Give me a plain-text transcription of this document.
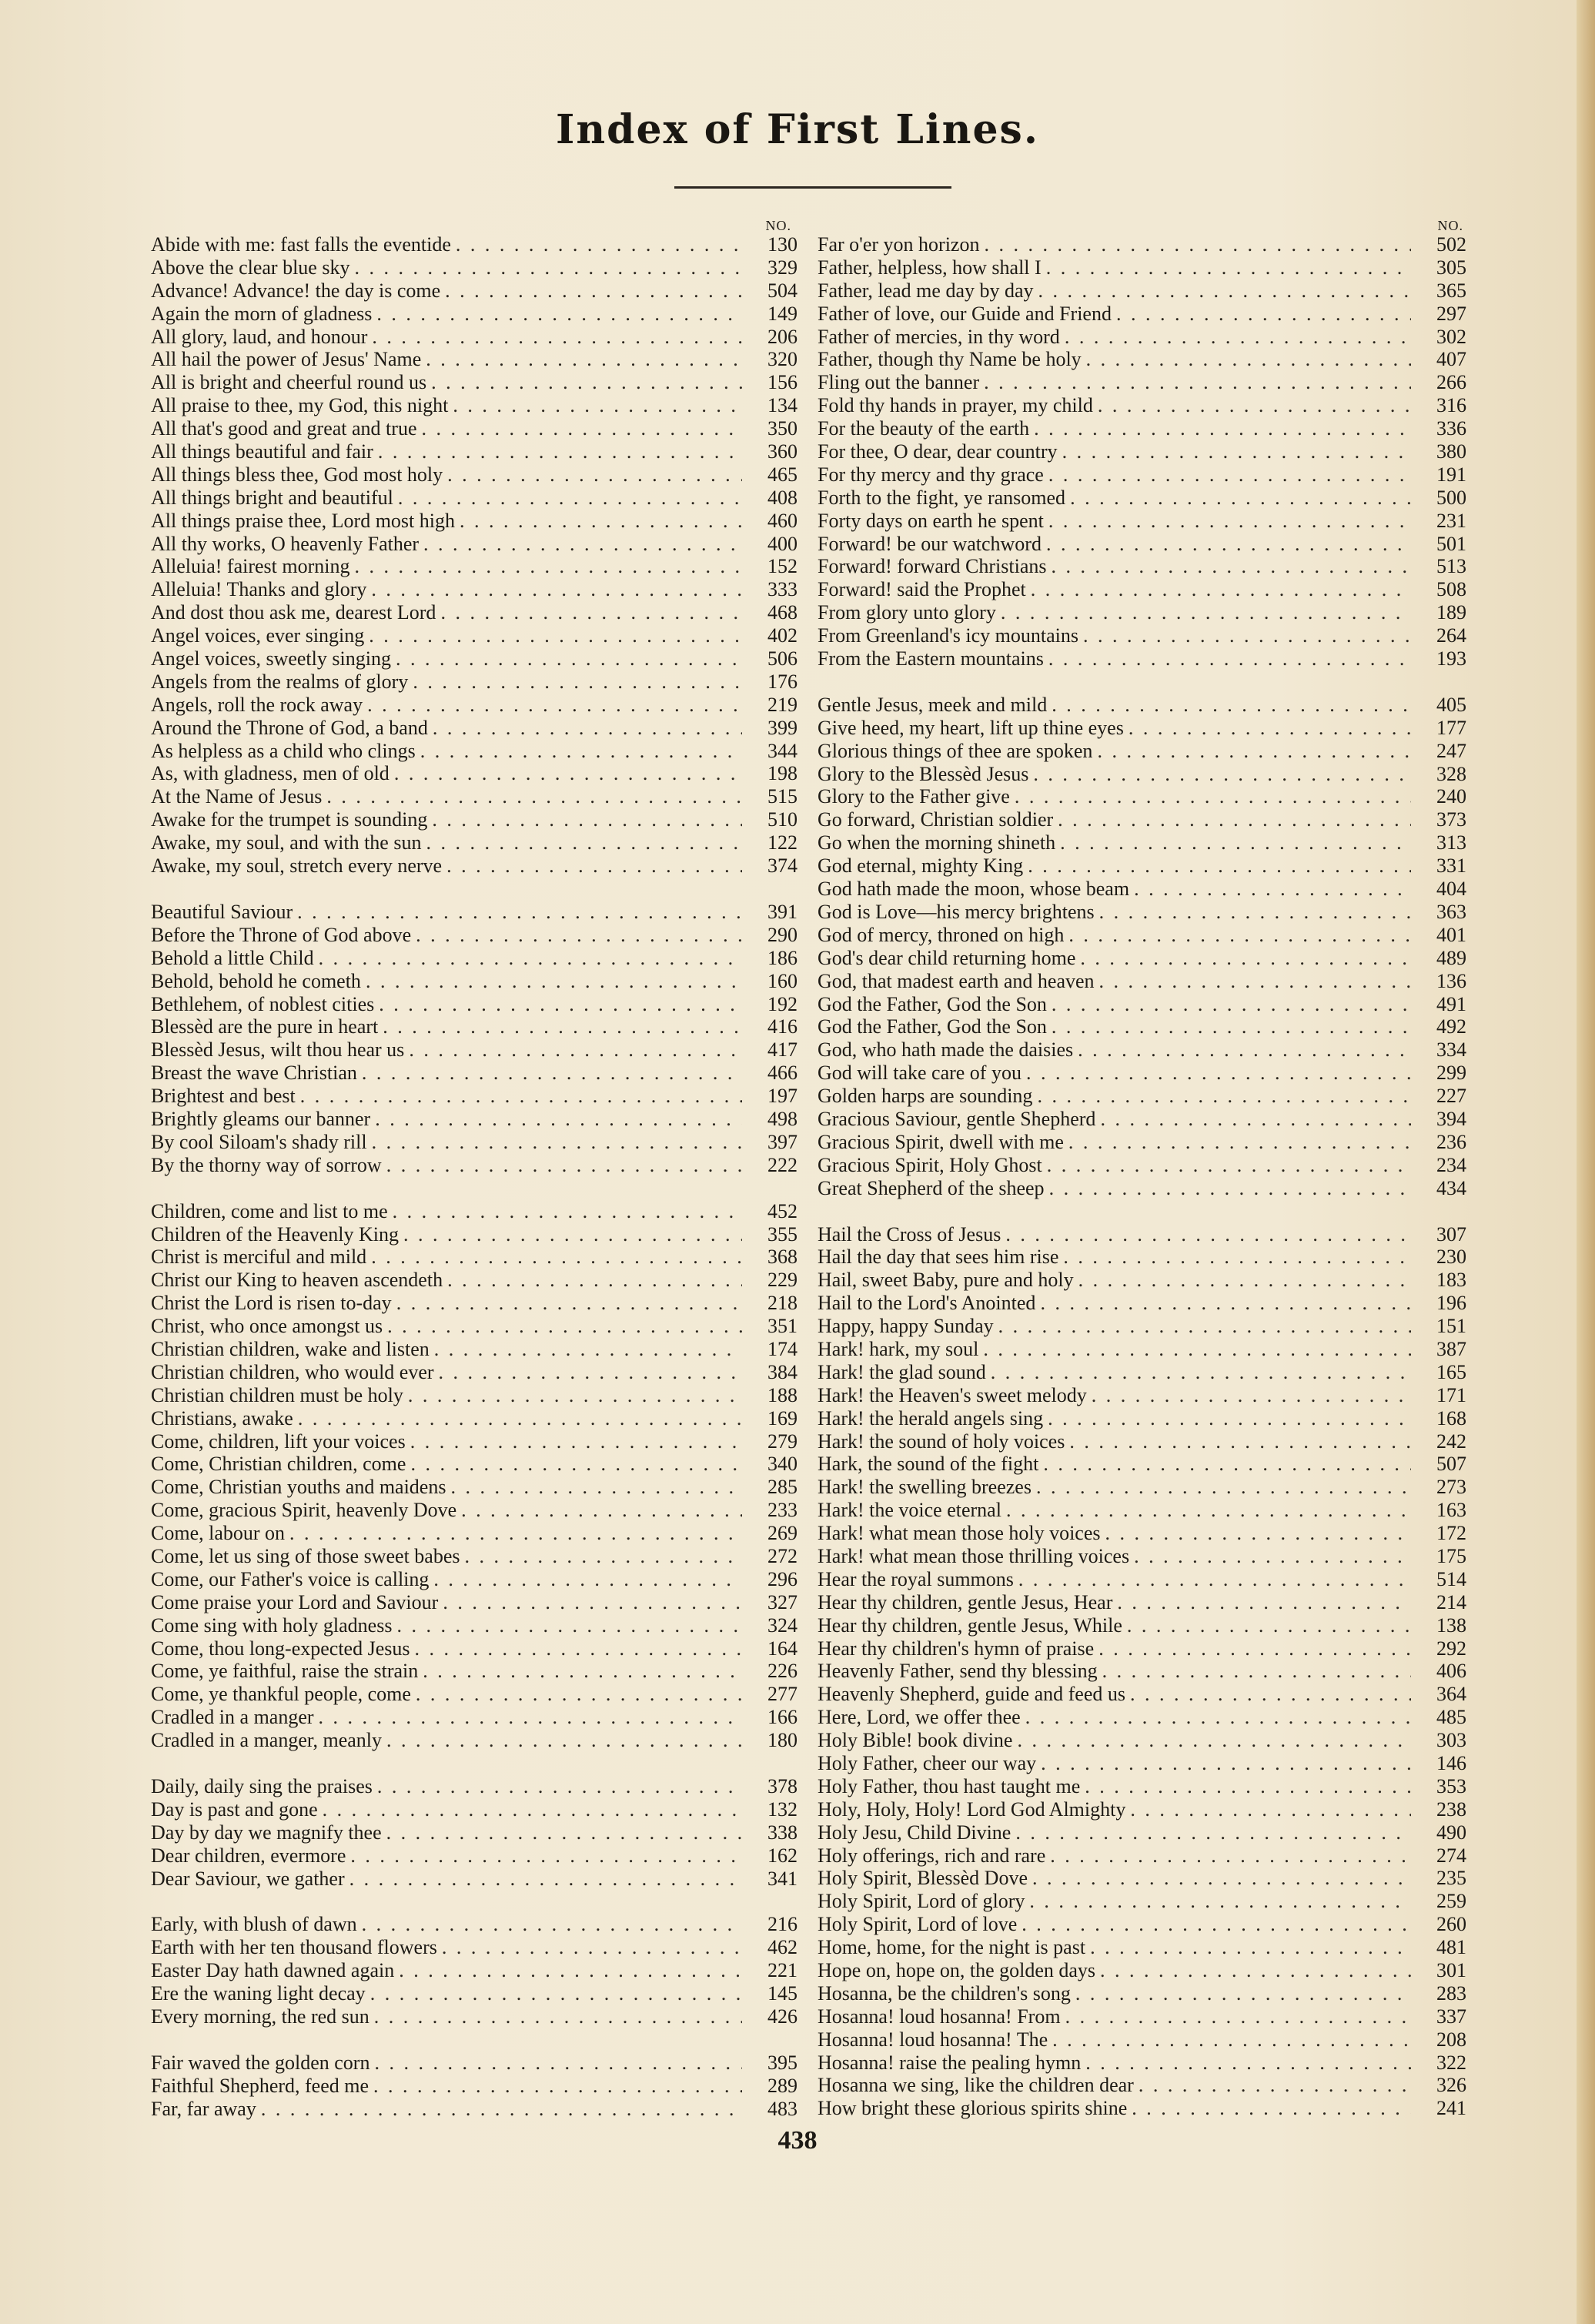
Index of First Lines.
NO.
Abide with me: fast falls the eventide . . .	130
Above the clear blue sky . . .	329
Advance! Advance! the day is come . . .	504
Again the morn of gladness . . .	149
All glory, laud, and honour . . .	206
All hail the power of Jesus' Name . . .	320
All is bright and cheerful round us . . .	156
All praise to thee, my God, this night . . .	134
All that's good and great and true . . .	350
All things beautiful and fair . . .	360
All things bless thee, God most holy . . .	465
All things bright and beautiful . . .	408
All things praise thee, Lord most high . . .	460
All thy works, O heavenly Father . . .	400
Alleluia! fairest morning . . .	152
Alleluia! Thanks and glory . . .	333
And dost thou ask me, dearest Lord . . .	468
Angel voices, ever singing . . .	402
Angel voices, sweetly singing . . .	506
Angels from the realms of glory . . .	176
Angels, roll the rock away . . .	219
Around the Throne of God, a band . . .	399
As helpless as a child who clings . . .	344
As, with gladness, men of old . . .	198
At the Name of Jesus . . .	515
Awake for the trumpet is sounding . . .	510
Awake, my soul, and with the sun . . .	122
Awake, my soul, stretch every nerve . . .	374
Beautiful Saviour . . .	391
Before the Throne of God above . . .	290
Behold a little Child . . .	186
Behold, behold he cometh . . .	160
Bethlehem, of noblest cities . . .	192
Blessèd are the pure in heart . . .	416
Blessèd Jesus, wilt thou hear us . . .	417
Breast the wave Christian . . .	466
Brightest and best . . .	197
Brightly gleams our banner . . .	498
By cool Siloam's shady rill . . .	397
By the thorny way of sorrow . . .	222
Children, come and list to me . . .	452
Children of the Heavenly King . . .	355
Christ is merciful and mild . . .	368
Christ our King to heaven ascendeth . . .	229
Christ the Lord is risen to-day . . .	218
Christ, who once amongst us . . .	351
Christian children, wake and listen . . .	174
Christian children, who would ever . . .	384
Christian children must be holy . . .	188
Christians, awake . . .	169
Come, children, lift your voices . . .	279
Come, Christian children, come . . .	340
Come, Christian youths and maidens . . .	285
Come, gracious Spirit, heavenly Dove . . .	233
Come, labour on . . .	269
Come, let us sing of those sweet babes . . .	272
Come, our Father's voice is calling . . .	296
Come praise your Lord and Saviour . . .	327
Come sing with holy gladness . . .	324
Come, thou long-expected Jesus . . .	164
Come, ye faithful, raise the strain . . .	226
Come, ye thankful people, come . . .	277
Cradled in a manger . . .	166
Cradled in a manger, meanly . . .	180
Daily, daily sing the praises . . .	378
Day is past and gone . . .	132
Day by day we magnify thee . . .	338
Dear children, evermore . . .	162
Dear Saviour, we gather . . .	341
Early, with blush of dawn . . .	216
Earth with her ten thousand flowers . . .	462
Easter Day hath dawned again . . .	221
Ere the waning light decay . . .	145
Every morning, the red sun . . .	426
Fair waved the golden corn . . .	395
Faithful Shepherd, feed me . . .	289
Far, far away . . .	483
NO.
Far o'er yon horizon . . .	502
Father, helpless, how shall I . . .	305
Father, lead me day by day . . .	365
Father of love, our Guide and Friend . . .	297
Father of mercies, in thy word . . .	302
Father, though thy Name be holy . . .	407
Fling out the banner . . .	266
Fold thy hands in prayer, my child . . .	316
For the beauty of the earth . . .	336
For thee, O dear, dear country . . .	380
For thy mercy and thy grace . . .	191
Forth to the fight, ye ransomed . . .	500
Forty days on earth he spent . . .	231
Forward! be our watchword . . .	501
Forward! forward Christians . . .	513
Forward! said the Prophet . . .	508
From glory unto glory . . .	189
From Greenland's icy mountains . . .	264
From the Eastern mountains . . .	193
Gentle Jesus, meek and mild . . .	405
Give heed, my heart, lift up thine eyes . . .	177
Glorious things of thee are spoken . . .	247
Glory to the Blessèd Jesus . . .	328
Glory to the Father give . . .	240
Go forward, Christian soldier . . .	373
Go when the morning shineth . . .	313
God eternal, mighty King . . .	331
God hath made the moon, whose beam . . .	404
God is Love—his mercy brightens . . .	363
God of mercy, throned on high . . .	401
God's dear child returning home . . .	489
God, that madest earth and heaven . . .	136
God the Father, God the Son . . .	491
God the Father, God the Son . . .	492
God, who hath made the daisies . . .	334
God will take care of you . . .	299
Golden harps are sounding . . .	227
Gracious Saviour, gentle Shepherd . . .	394
Gracious Spirit, dwell with me . . .	236
Gracious Spirit, Holy Ghost . . .	234
Great Shepherd of the sheep . . .	434
Hail the Cross of Jesus . . .	307
Hail the day that sees him rise . . .	230
Hail, sweet Baby, pure and holy . . .	183
Hail to the Lord's Anointed . . .	196
Happy, happy Sunday . . .	151
Hark! hark, my soul . . .	387
Hark! the glad sound . . .	165
Hark! the Heaven's sweet melody . . .	171
Hark! the herald angels sing . . .	168
Hark! the sound of holy voices . . .	242
Hark, the sound of the fight . . .	507
Hark! the swelling breezes . . .	273
Hark! the voice eternal . . .	163
Hark! what mean those holy voices . . .	172
Hark! what mean those thrilling voices . . .	175
Hear the royal summons . . .	514
Hear thy children, gentle Jesus, Hear . . .	214
Hear thy children, gentle Jesus, While . . .	138
Hear thy children's hymn of praise . . .	292
Heavenly Father, send thy blessing . . .	406
Heavenly Shepherd, guide and feed us . . .	364
Here, Lord, we offer thee . . .	485
Holy Bible! book divine . . .	303
Holy Father, cheer our way . . .	146
Holy Father, thou hast taught me . . .	353
Holy, Holy, Holy! Lord God Almighty . . .	238
Holy Jesu, Child Divine . . .	490
Holy offerings, rich and rare . . .	274
Holy Spirit, Blessèd Dove . . .	235
Holy Spirit, Lord of glory . . .	259
Holy Spirit, Lord of love . . .	260
Home, home, for the night is past . . .	481
Hope on, hope on, the golden days . . .	301
Hosanna, be the children's song . . .	283
Hosanna! loud hosanna! From . . .	337
Hosanna! loud hosanna! The . . .	208
Hosanna! raise the pealing hymn . . .	322
Hosanna we sing, like the children dear . . .	326
How bright these glorious spirits shine . . .	241
438
